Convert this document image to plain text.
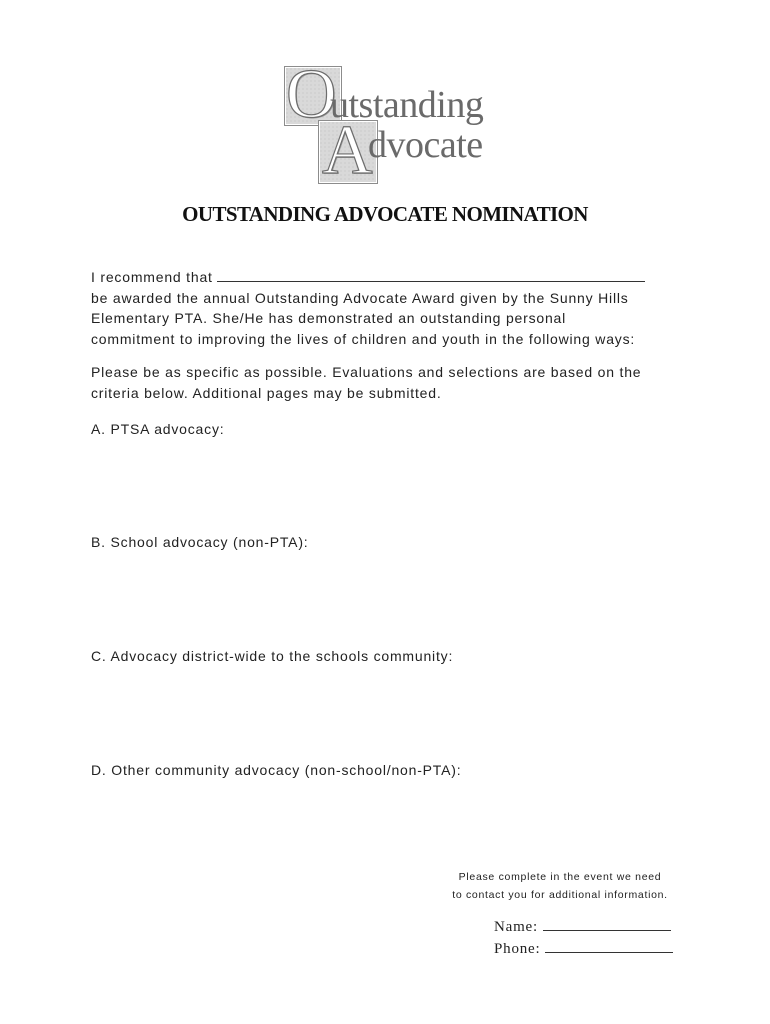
O
utstanding
A
dvocate
OUTSTANDING ADVOCATE NOMINATION
I recommend that
be awarded the annual Outstanding Advocate Award given by the Sunny Hills
Elementary PTA. She/He has demonstrated an outstanding personal
commitment to improving the lives of children and youth in the following ways:
Please be as specific as possible. Evaluations and selections are based on the
criteria below. Additional pages may be submitted.
A. PTSA advocacy:
B. School advocacy (non-PTA):
C. Advocacy district-wide to the schools community:
D. Other community advocacy (non-school/non-PTA):
Please complete in the event we need
to contact you for additional information.
Name:
Phone:
